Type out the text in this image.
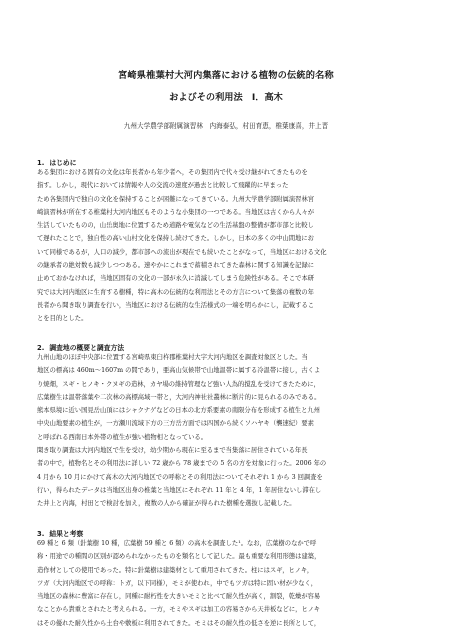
宮崎県椎葉村大河内集落における植物の伝統的名称
およびその利用法　I．高木
九州大学農学部附属演習林　内海泰弘，村田育恵，椎葉康喜，井上晋
1. はじめに
ある集団における固有の文化は年長者から年少者へ，その集団内で代々受け継がれてきたものを
指す。しかし，現代においては情報や人の交流の速度が過去と比較して飛躍的に早まった
ため各集団内で独自の文化を保持することが困難になってきている。九州大学農学部附属演習林宮
崎演習林が所在する椎葉村大河内地区もそのような小集団の一つである。当地区は古くから人々が
生活していたものの，山岳奥地に位置するため道路や電気などの生活基盤の整備が都市部と比較し
て遅れたことで，独自性の高い山村文化を保持し続けてきた。しかし，日本の多くの中山間地にお
いて同様であるが，人口の減少，都市部への流出が現在でも続いたことがなって，当地区における文化
の継承者の絶対数も減少しつつある。速やかにこれまで蓄積されてきた森林に関する知識を記録に
止めておかなければ，当地区固有の文化の一部が永久に消滅してしまう危険性がある。そこで本研
究では大河内地区に生育する樹種，特に高木の伝統的な利用法とその方言について集落の複数の年
長者から聞き取り調査を行い，当地区における伝統的な生活様式の一端を明らかにし，記載するこ
とを目的とした。
2. 調査地の概要と調査方法
九州山地のほぼ中央部に位置する宮崎県東臼杵郡椎葉村大字大河内地区を調査対象区とした。当
地区の標高は 460m〜1607m の間であり，亜高山気候帯で山地温帯に属する冷温帯に接し，古くよ
り焼畑，スギ・ヒノキ・クヌギの造林，カヤ場の維持管理など強い人為的撹乱を受けてきたために，
広葉樹生は温帯落葉や二次林の高標高域一帯と，大河内神社社叢林に断片的に見られるのみである。
熊本県境に近い国見岳山頂にはシャクナゲなどの日本の北方系要素の南限分布を形成する植生と九州
中央山地要素の植生が，一方瀬川流域下方の三方岳方面では四国から続くソハヤキ（襲速紀）要素
と呼ばれる西南日本外帯の植生が強い植物相となっている。
聞き取り調査は大河内地区で生を受け，幼少期から現在に至るまで当集落に居住されている年長
者の中で，植物名とその利用法に詳しい 72 歳から 78 歳までの 5 名の方を対象に行った。2006 年の
4 月から 10 月にかけて高木の大河内地区での呼称とその利用法についてそれぞれ 1 から 3 回調査を
行い，得られたデータは当地区出身の椎葉と当地区にそれぞれ 11 年と 4 年，1 年居住ないし滞在し
た井上と内海，村田とで検討を加え，複数の人から確証が得られた樹種を選抜し記載した。
3. 結果と考察
69 種と 6 類（針葉樹 10 種，広葉樹 59 種と 6 類）の高木を調査した¹。なお，広葉樹のなかで呼
称・用途での種間の区別が認められなかったものを類名として記した。最も重要な利用形態は建築，
造作材としての使用であった。特に針葉樹は建築材として重用されてきた。柱にはスギ，ヒノキ，
ツガ（大河内地区での呼称：トガ，以下同様），モミが使われ，中でもツガは特に固い材が少なく，
当地区の森林に豊富に存在し，同種に耐朽性を大きいモミと比べて耐久性が高く，割裂，乾燥が容易
なことから貴重とされたと考えられる。一方，モミやスギは加工の容易さから天井板などに，ヒノキ
はその優れた耐久性から土台や敷板に利用されてきた。モミはその耐久性の低さを逆に長所として，
